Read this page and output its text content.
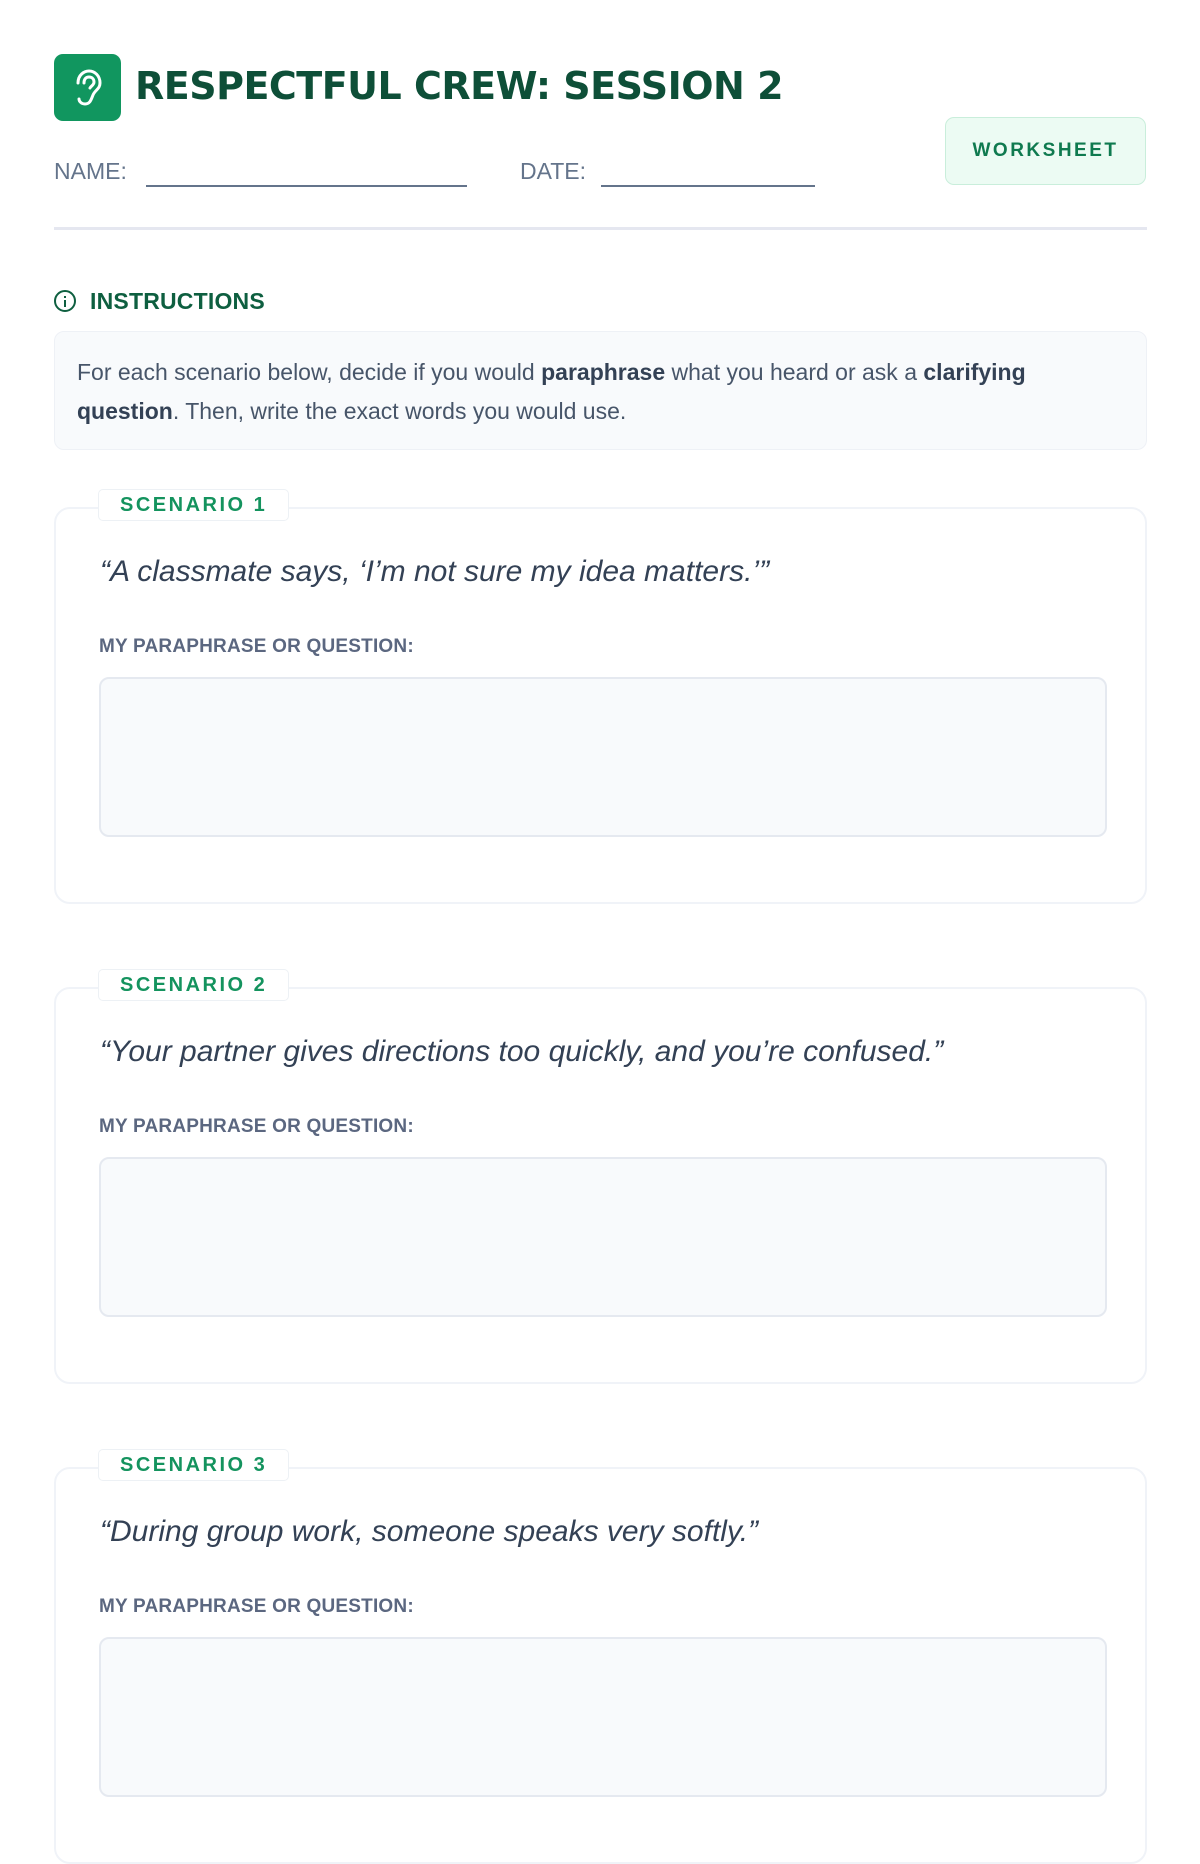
RESPECTFUL CREW: SESSION 2
NAME:	DATE:
WORKSHEET
INSTRUCTIONS
For each scenario below, decide if you would paraphrase what you heard or ask a clarifying question. Then, write the exact words you would use.
SCENARIO 1
“A classmate says, ‘I’m not sure my idea matters.’”
MY PARAPHRASE OR QUESTION:
SCENARIO 2
“Your partner gives directions too quickly, and you’re confused.”
MY PARAPHRASE OR QUESTION:
SCENARIO 3
“During group work, someone speaks very softly.”
MY PARAPHRASE OR QUESTION:
